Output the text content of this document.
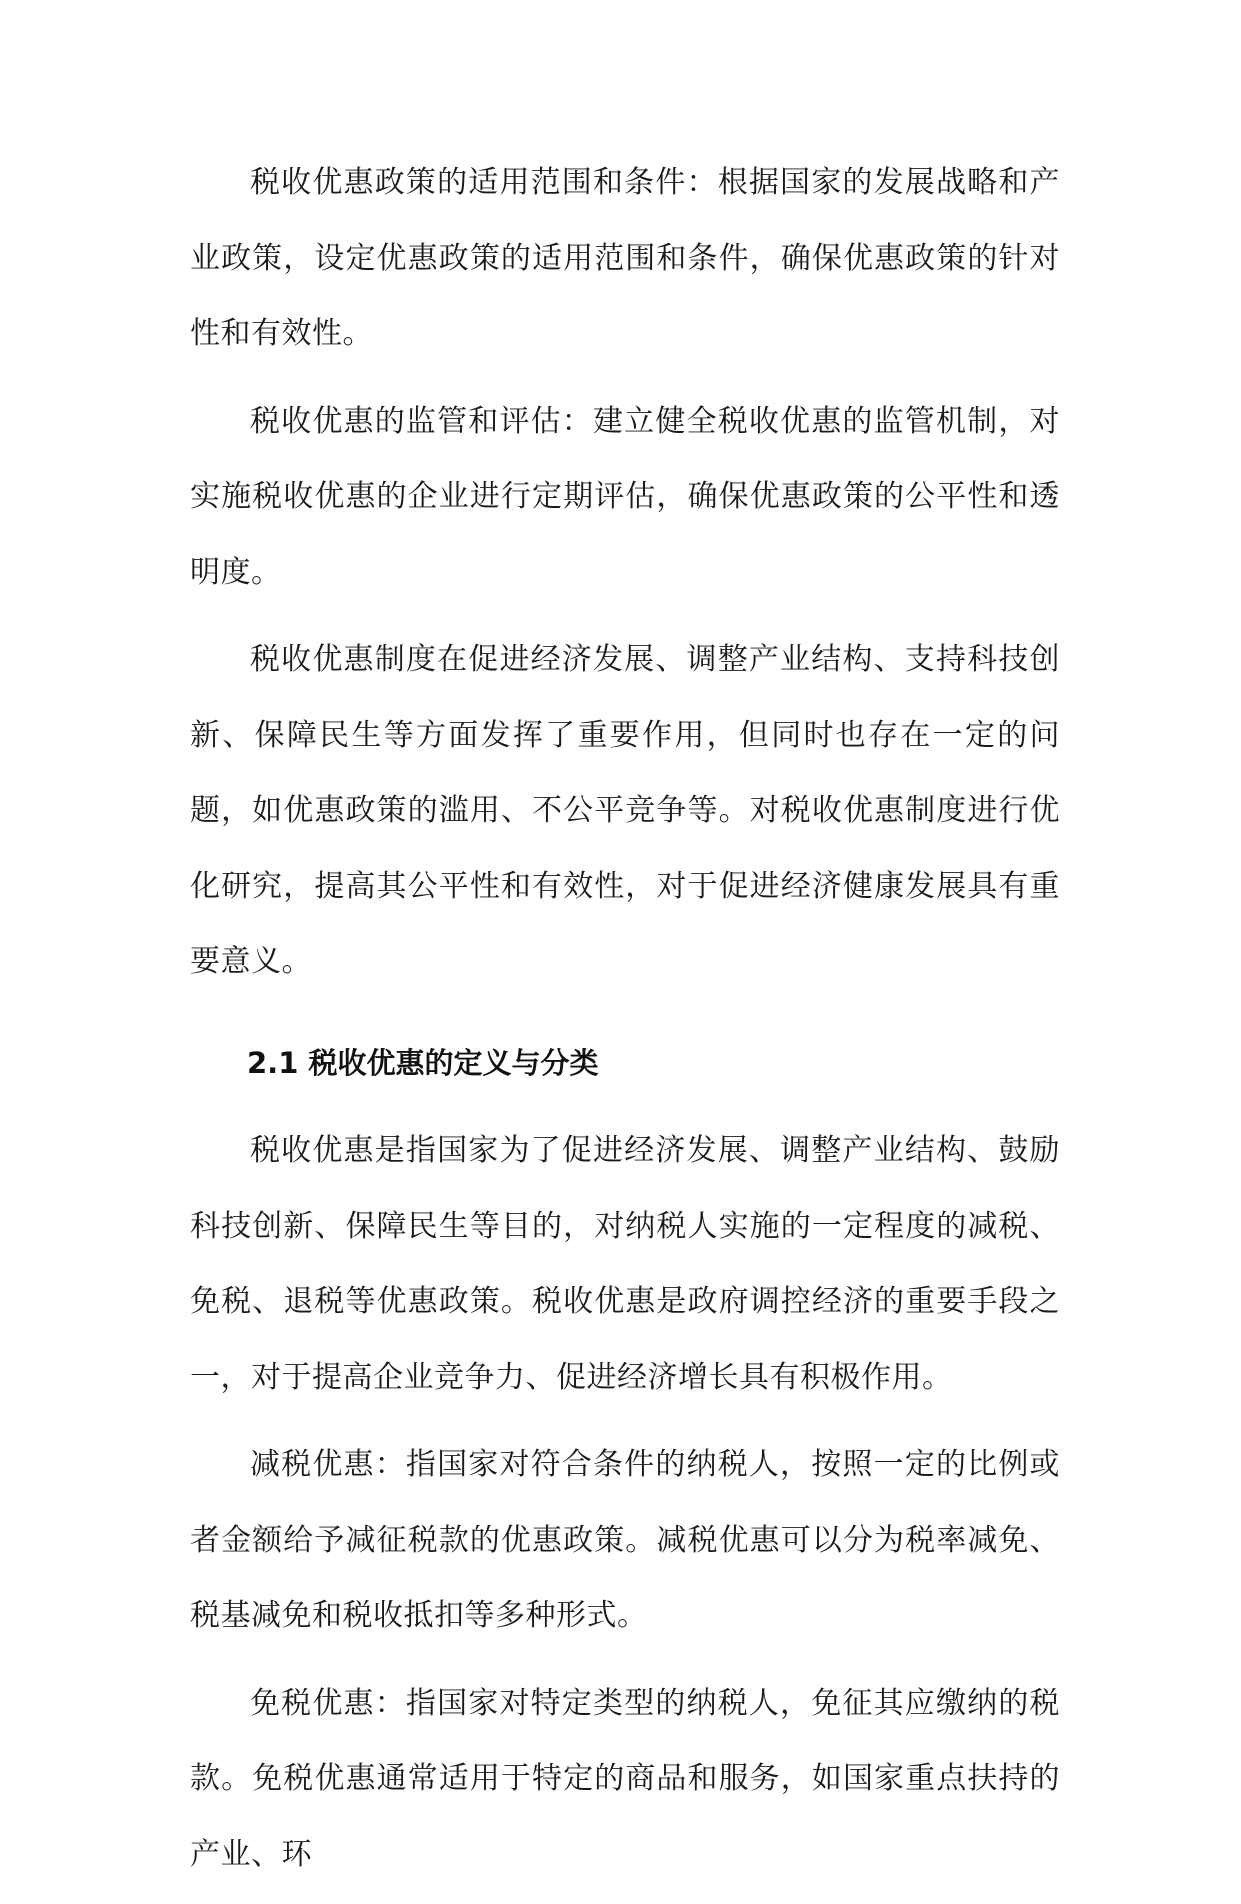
税收优惠政策的适用范围和条件：根据国家的发展战略和产业政策，设定优惠政策的适用范围和条件，确保优惠政策的针对性和有效性。

税收优惠的监管和评估：建立健全税收优惠的监管机制，对实施税收优惠的企业进行定期评估，确保优惠政策的公平性和透明度。

税收优惠制度在促进经济发展、调整产业结构、支持科技创新、保障民生等方面发挥了重要作用，但同时也存在一定的问题，如优惠政策的滥用、不公平竞争等。对税收优惠制度进行优化研究，提高其公平性和有效性，对于促进经济健康发展具有重要意义。

2.1 税收优惠的定义与分类

税收优惠是指国家为了促进经济发展、调整产业结构、鼓励科技创新、保障民生等目的，对纳税人实施的一定程度的减税、免税、退税等优惠政策。税收优惠是政府调控经济的重要手段之一，对于提高企业竞争力、促进经济增长具有积极作用。

减税优惠：指国家对符合条件的纳税人，按照一定的比例或者金额给予减征税款的优惠政策。减税优惠可以分为税率减免、税基减免和税收抵扣等多种形式。

免税优惠：指国家对特定类型的纳税人，免征其应缴纳的税款。免税优惠通常适用于特定的商品和服务，如国家重点扶持的产业、环
